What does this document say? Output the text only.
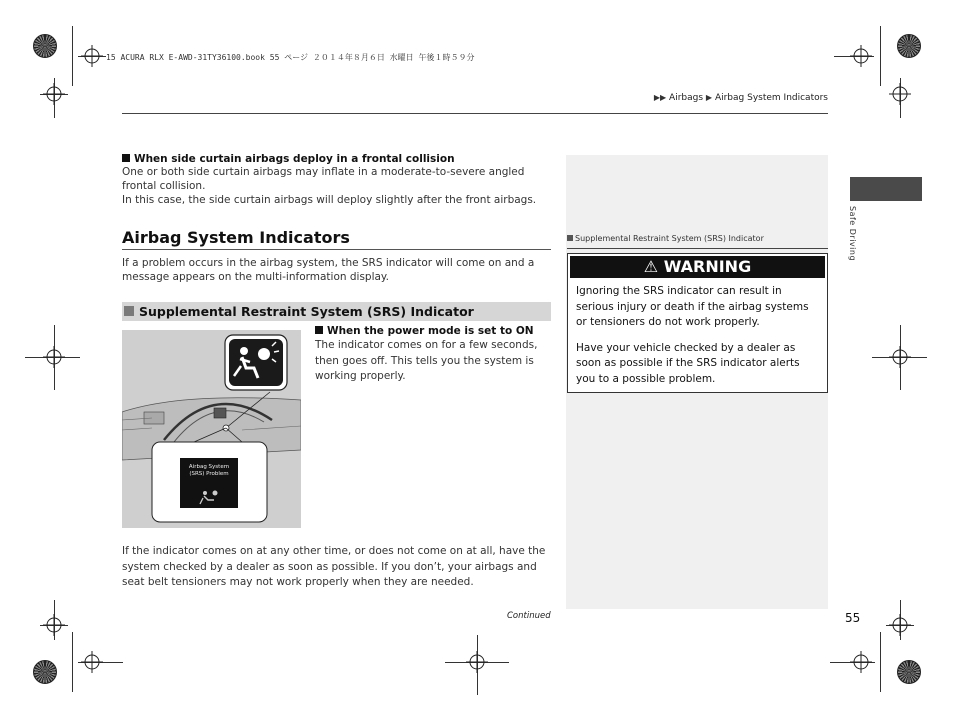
15 ACURA RLX E-AWD-31TY36100.book 55 ページ ２０１４年８月６日 水曜日 午後１時５９分
▶▶ Airbags ▶ Airbag System Indicators
Safe Driving
When side curtain airbags deploy in a frontal collision
One or both side curtain airbags may inflate in a moderate-to-severe angled frontal collision.
In this case, the side curtain airbags will deploy slightly after the front airbags.
Airbag System Indicators
If a problem occurs in the airbag system, the SRS indicator will come on and a message appears on the multi-information display.
$^{Supplemental Restraint System (SRS) Indicator}$
Airbag System
(SRS) Problem
When the power mode is set to ON
The indicator comes on for a few seconds, then goes off. This tells you the system is working properly.
If the indicator comes on at any other time, or does not come on at all, have the system checked by a dealer as soon as possible. If you don’t, your airbags and seat belt tensioners may not work properly when they are needed.
Supplemental Restraint System (SRS) Indicator
⚠ WARNING
Ignoring the SRS indicator can result in serious injury or death if the airbag systems or tensioners do not work properly.
Have your vehicle checked by a dealer as soon as possible if the SRS indicator alerts you to a possible problem.
Continued	55
